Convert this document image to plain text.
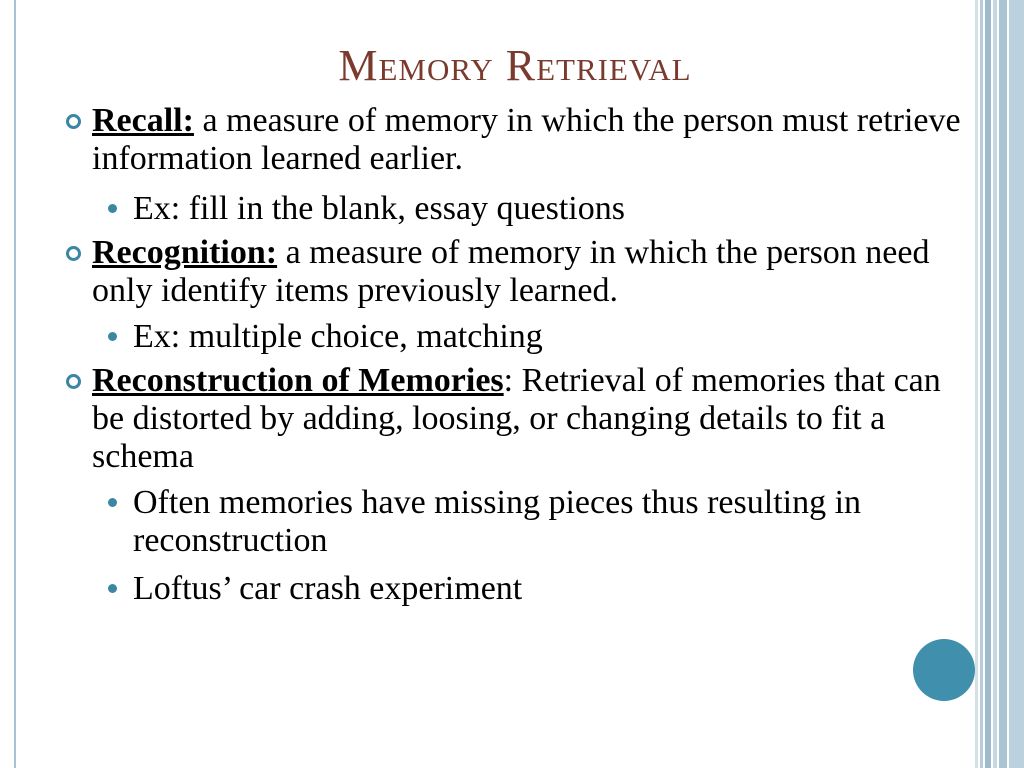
Memory Retrieval
Recall: a measure of memory in which the person must retrieve information learned earlier.
Ex: fill in the blank, essay questions
Recognition: a measure of memory in which the person need only identify items previously learned.
Ex: multiple choice, matching
Reconstruction of Memories: Retrieval of memories that can be distorted by adding, loosing, or changing details to fit a schema
Often memories have missing pieces thus resulting in reconstruction
Loftus’ car crash experiment
